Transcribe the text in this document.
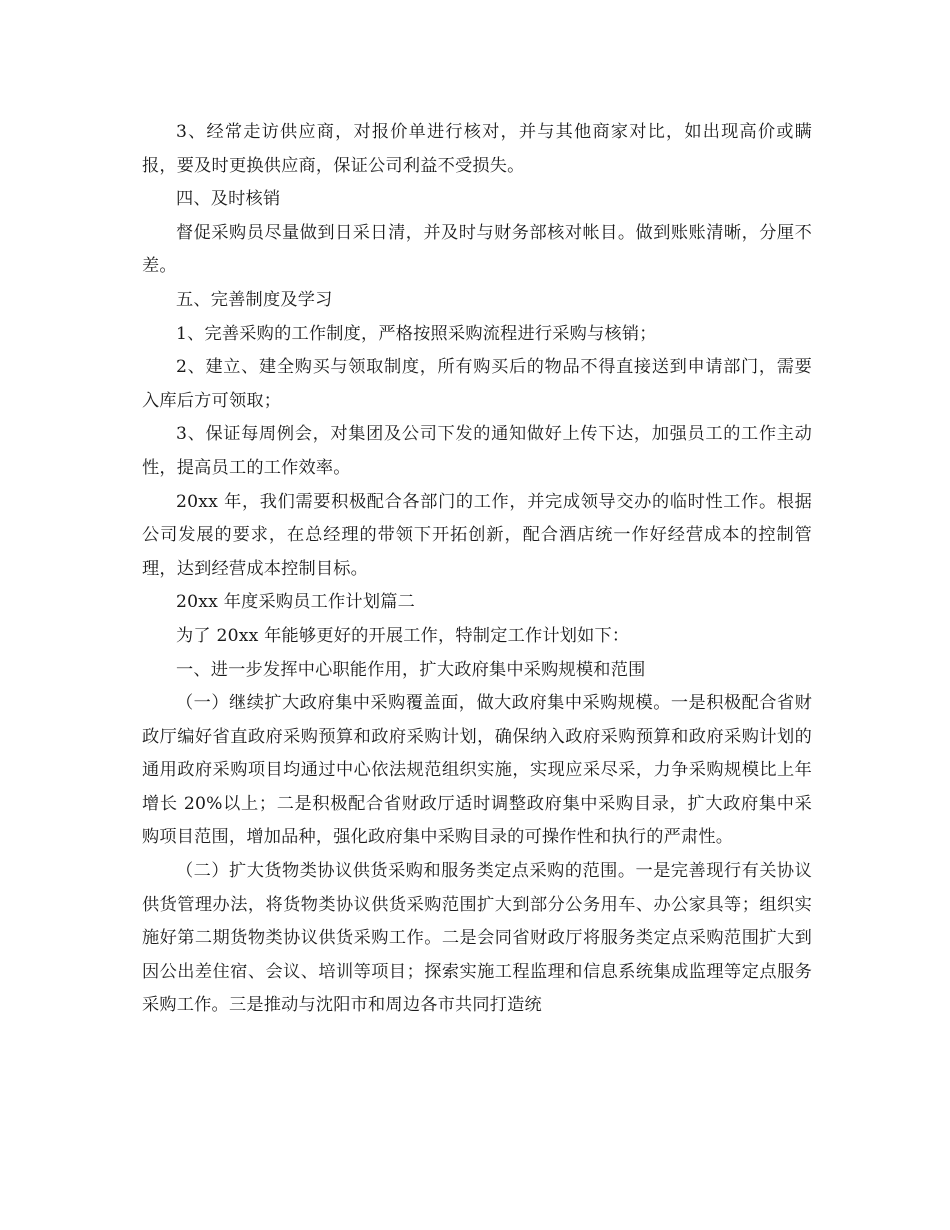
3、经常走访供应商，对报价单进行核对，并与其他商家对比，如出现高价或瞒报，要及时更换供应商，保证公司利益不受损失。

四、及时核销

督促采购员尽量做到日采日清，并及时与财务部核对帐目。做到账账清晰，分厘不差。

五、完善制度及学习

1、完善采购的工作制度，严格按照采购流程进行采购与核销；

2、建立、建全购买与领取制度，所有购买后的物品不得直接送到申请部门，需要入库后方可领取；

3、保证每周例会，对集团及公司下发的通知做好上传下达，加强员工的工作主动性，提高员工的工作效率。

20xx 年，我们需要积极配合各部门的工作，并完成领导交办的临时性工作。根据公司发展的要求，在总经理的带领下开拓创新，配合酒店统一作好经营成本的控制管理，达到经营成本控制目标。

20xx 年度采购员工作计划篇二

为了 20xx 年能够更好的开展工作，特制定工作计划如下：

一、进一步发挥中心职能作用，扩大政府集中采购规模和范围

（一）继续扩大政府集中采购覆盖面，做大政府集中采购规模。一是积极配合省财政厅编好省直政府采购预算和政府采购计划，确保纳入政府采购预算和政府采购计划的通用政府采购项目均通过中心依法规范组织实施，实现应采尽采，力争采购规模比上年增长 20%以上；二是积极配合省财政厅适时调整政府集中采购目录，扩大政府集中采购项目范围，增加品种，强化政府集中采购目录的可操作性和执行的严肃性。

（二）扩大货物类协议供货采购和服务类定点采购的范围。一是完善现行有关协议供货管理办法，将货物类协议供货采购范围扩大到部分公务用车、办公家具等；组织实施好第二期货物类协议供货采购工作。二是会同省财政厅将服务类定点采购范围扩大到因公出差住宿、会议、培训等项目；探索实施工程监理和信息系统集成监理等定点服务采购工作。三是推动与沈阳市和周边各市共同打造统
